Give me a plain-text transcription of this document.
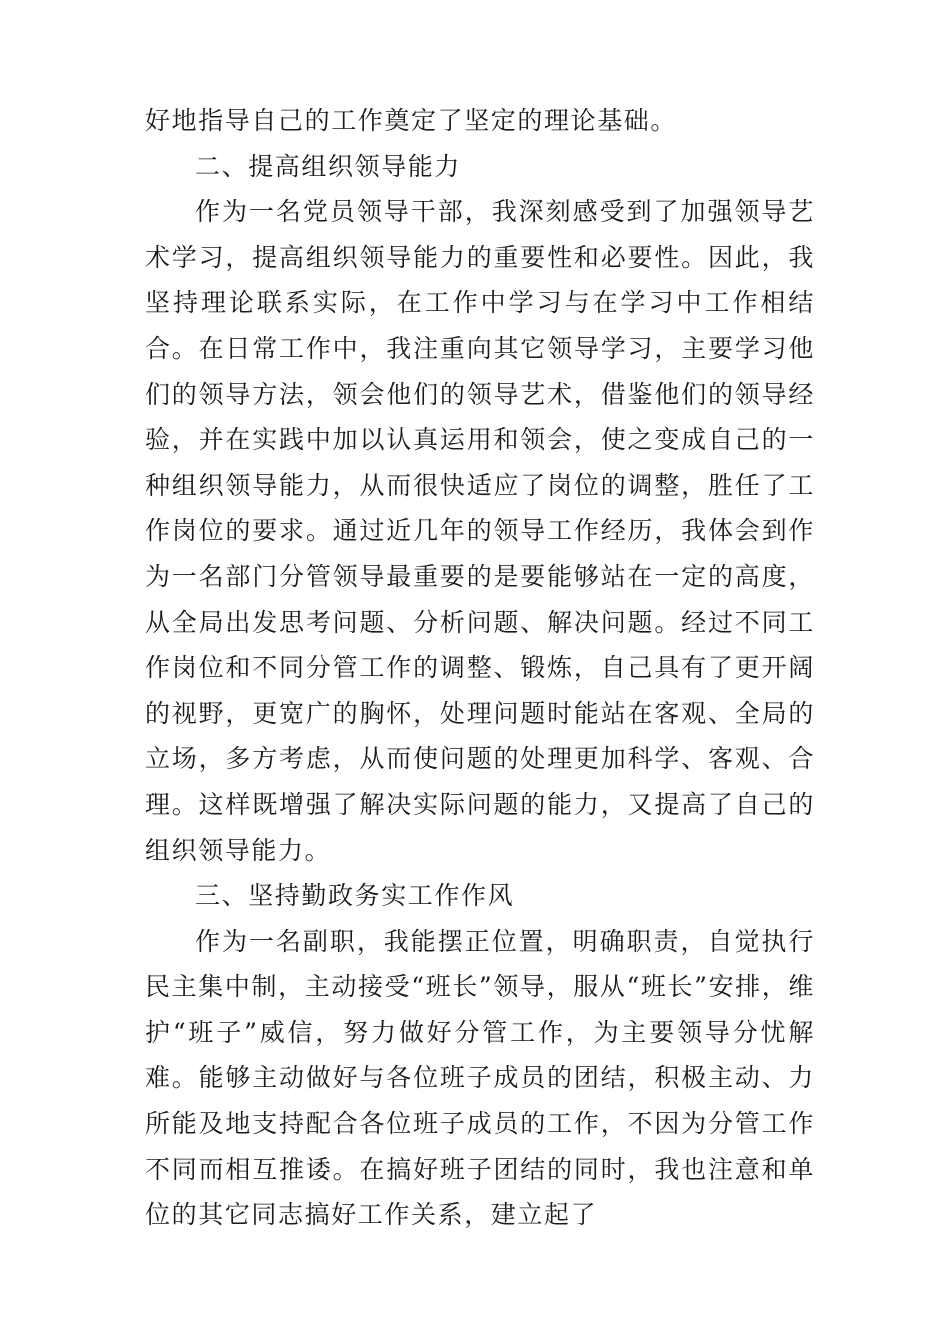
好地指导自己的工作奠定了坚定的理论基础。

二、提高组织领导能力

作为一名党员领导干部，我深刻感受到了加强领导艺术学习，提高组织领导能力的重要性和必要性。因此，我坚持理论联系实际，在工作中学习与在学习中工作相结合。在日常工作中，我注重向其它领导学习，主要学习他们的领导方法，领会他们的领导艺术，借鉴他们的领导经验，并在实践中加以认真运用和领会，使之变成自己的一种组织领导能力，从而很快适应了岗位的调整，胜任了工作岗位的要求。通过近几年的领导工作经历，我体会到作为一名部门分管领导最重要的是要能够站在一定的高度，从全局出发思考问题、分析问题、解决问题。经过不同工作岗位和不同分管工作的调整、锻炼，自己具有了更开阔的视野，更宽广的胸怀，处理问题时能站在客观、全局的立场，多方考虑，从而使问题的处理更加科学、客观、合理。这样既增强了解决实际问题的能力，又提高了自己的组织领导能力。

三、坚持勤政务实工作作风

作为一名副职，我能摆正位置，明确职责，自觉执行民主集中制，主动接受“班长”领导，服从“班长”安排，维护“班子”威信，努力做好分管工作，为主要领导分忧解难。能够主动做好与各位班子成员的团结，积极主动、力所能及地支持配合各位班子成员的工作，不因为分管工作不同而相互推诿。在搞好班子团结的同时，我也注意和单位的其它同志搞好工作关系，建立起了
